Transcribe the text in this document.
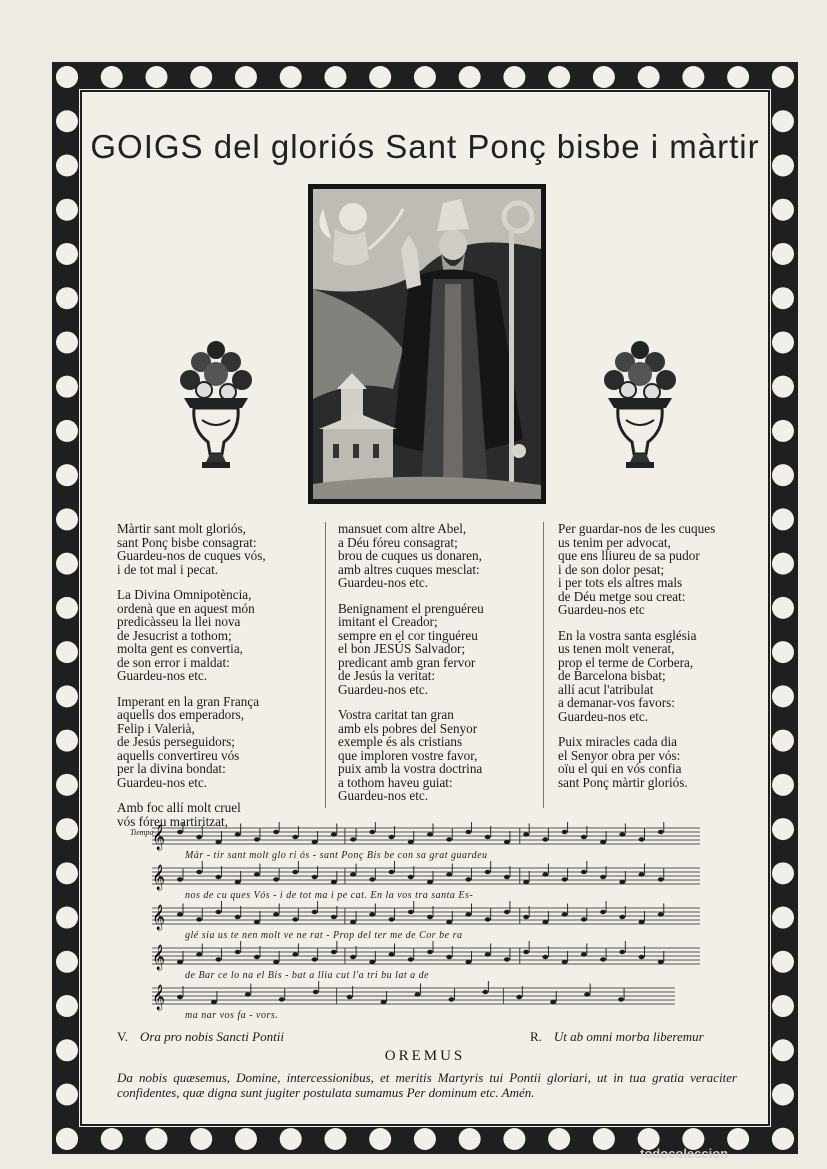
GOIGS del gloriós Sant Ponç bisbe i màrtir

Màrtir sant molt gloriós,

sant Ponç bisbe consagrat:

Guardeu-nos de cuques vós,

i de tot mal i pecat.

La Divina Omnipotència,

ordenà que en aquest món

predicàsseu la llei nova

de Jesucrist a tothom;

molta gent es convertia,

de son error i maldat:

Guardeu-nos etc.

Imperant en la gran França

aquells dos emperadors,

Felip i Valerià,

de Jesús perseguidors;

aquells convertireu vós

per la divina bondat:

Guardeu-nos etc.

Amb foc allí molt cruel

vós fóreu martiritzat,

mansuet com altre Abel,

a Déu fóreu consagrat;

brou de cuques us donaren,

amb altres cuques mesclat:

Guardeu-nos etc.

Benignament el prenguéreu

imitant el Creador;

sempre en el cor tinguéreu

el bon JESÚS Salvador;

predicant amb gran fervor

de Jesús la veritat:

Guardeu-nos etc.

Vostra caritat tan gran

amb els pobres del Senyor

exemple és als cristians

que imploren vostre favor,

puix amb la vostra doctrina

a tothom haveu guiat:

Guardeu-nos etc.

Per guardar-nos de les cuques

us tenim per advocat,

que ens lliureu de sa pudor

i de son dolor pesat;

i per tots els altres mals

de Déu metge sou creat:

Guardeu-nos etc

En la vostra santa església

us tenen molt venerat,

prop el terme de Corbera,

de Barcelona bisbat;

allí acut l'atribulat

a demanar-vos favors:

Guardeu-nos etc.

Puix miracles cada dia

el Senyor obra per vós:

oïu el qui en vós confia

sant Ponç màrtir gloriós.

Tiempo
𝄞
𝄞
𝄞
𝄞
𝄞
Màr - tir sant molt glo ri ós - sant Ponç Bis be con sa grat guardeu
nos de cu ques Vós - i de tot ma i pe cat. En la vos tra santa Es-
glé sia us te nen molt ve ne rat - Prop del ter me de Cor be ra
de Bar ce lo na el Bis - bat a llia cut l'a tri bu lat a de
ma nar vos fa - vors.
V. Ora pro nobis Sancti Pontii	R. Ut ab omni morba liberemur
OREMUS
Da nobis quæsemus, Domine, intercessionibus, et meritis Martyris tui Pontii gloriari, ut in tua gratia veraciter confidentes, quæ digna sunt jugiter postulata sumamus Per dominum etc. Amén.
todocoleccion
